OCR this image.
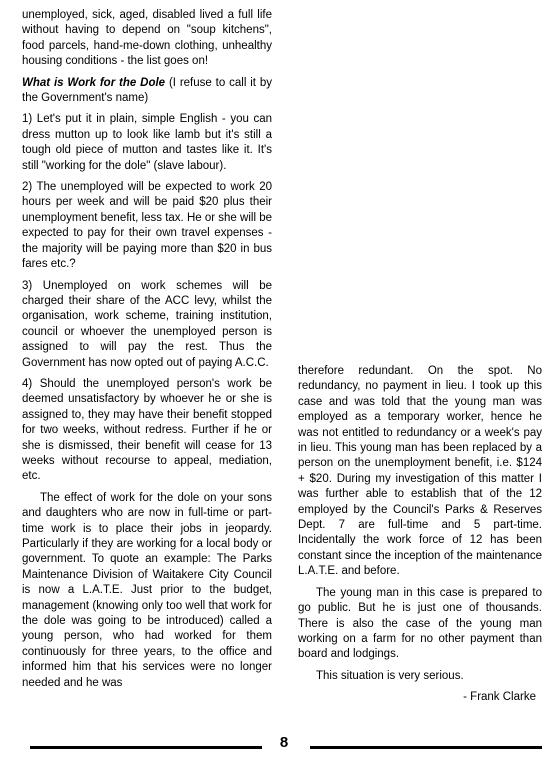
unemployed, sick, aged, disabled lived a full life without having to depend on "soup kitchens", food parcels, hand-me-down clothing, unhealthy housing conditions - the list goes on!

What is Work for the Dole (I refuse to call it by the Government's name)

1) Let's put it in plain, simple English - you can dress mutton up to look like lamb but it's still a tough old piece of mutton and tastes like it. It's still "working for the dole" (slave labour).

2) The unemployed will be expected to work 20 hours per week and will be paid $20 plus their unemployment benefit, less tax. He or she will be expected to pay for their own travel expenses - the majority will be paying more than $20 in bus fares etc.?

3) Unemployed on work schemes will be charged their share of the ACC levy, whilst the organisation, work scheme, training institution, council or whoever the unemployed person is assigned to will pay the rest. Thus the Government has now opted out of paying A.C.C.

4) Should the unemployed person's work be deemed unsatisfactory by whoever he or she is assigned to, they may have their benefit stopped for two weeks, without redress. Further if he or she is dismissed, their benefit will cease for 13 weeks without recourse to appeal, mediation, etc.

The effect of work for the dole on your sons and daughters who are now in full-time or part-time work is to place their jobs in jeopardy. Particularly if they are working for a local body or government. To quote an example: The Parks Maintenance Division of Waitakere City Council is now a L.A.T.E. Just prior to the budget, management (knowing only too well that work for the dole was going to be introduced) called a young person, who had worked for them continuously for three years, to the office and informed him that his services were no longer needed and he was

therefore redundant. On the spot. No redundancy, no payment in lieu. I took up this case and was told that the young man was employed as a temporary worker, hence he was not entitled to redundancy or a week's pay in lieu. This young man has been replaced by a person on the unemployment benefit, i.e. $124 + $20. During my investigation of this matter I was further able to establish that of the 12 employed by the Council's Parks & Reserves Dept. 7 are full-time and 5 part-time. Incidentally the work force of 12 has been constant since the inception of the maintenance L.A.T.E. and before.

The young man in this case is prepared to go public. But he is just one of thousands. There is also the case of the young man working on a farm for no other payment than board and lodgings.

This situation is very serious.

- Frank Clarke

8
